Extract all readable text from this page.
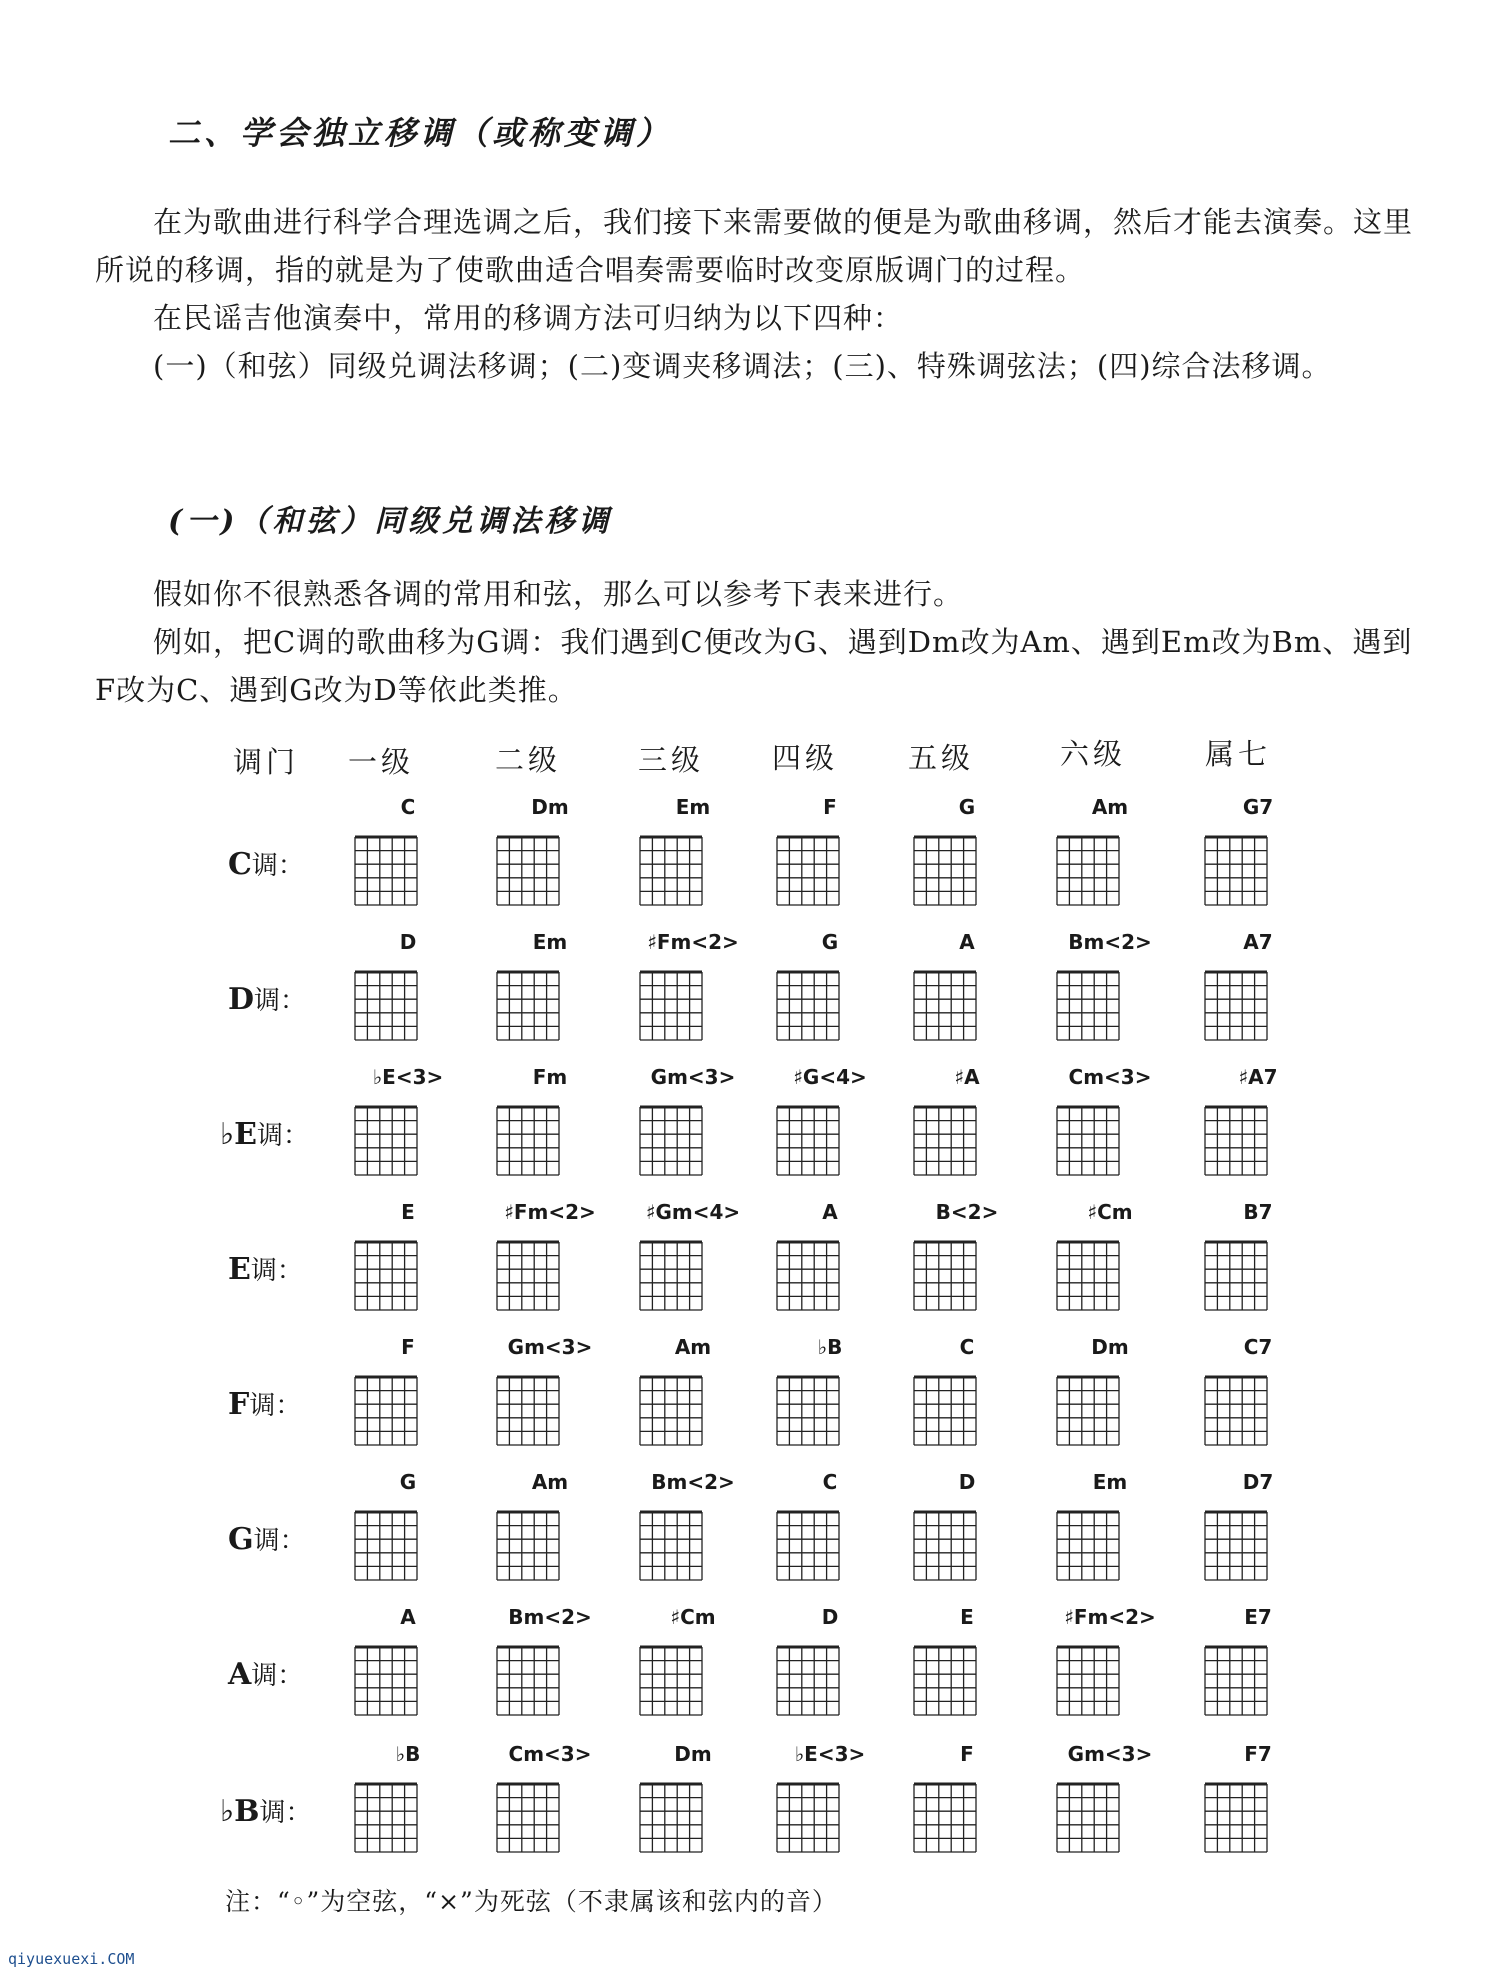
二、学会独立移调（或称变调）

在为歌曲进行科学合理选调之后，我们接下来需要做的便是为歌曲移调，然后才能去演奏。这里所说的移调，指的就是为了使歌曲适合唱奏需要临时改变原版调门的过程。

在民谣吉他演奏中，常用的移调方法可归纳为以下四种：

(一)（和弦）同级兑调法移调；(二)变调夹移调法；(三)、特殊调弦法；(四)综合法移调。

(一)（和弦）同级兑调法移调

假如你不很熟悉各调的常用和弦，那么可以参考下表来进行。

例如，把C调的歌曲移为G调：我们遇到C便改为G、遇到Dm改为Am、遇到Em改为Bm、遇到F改为C、遇到G改为D等依此类推。

调门 一级	二级	三级 四级 五级	六级	属七
C调：
C	Dm	Em	F	G	Am	G7
D调：
D	Em	♯Fm<2>	G	A	Bm<2>	A7
♭E调：
♭E<3>	Fm	Gm<3>	♯G<4>	♯A	Cm<3>	♯A7
E调：
E	♯Fm<2>	♯Gm<4>	A	B<2>	♯Cm	B7
F调：
F	Gm<3>	Am	♭B	C	Dm	C7
G调：
G	Am	Bm<2>	C	D	Em	D7
A调：
A	Bm<2>	♯Cm	D	E	♯Fm<2>	E7
♭B调：
♭B	Cm<3>	Dm	♭E<3>	F	Gm<3>	F7
注：“◦”为空弦，“×”为死弦（不隶属该和弦内的音）
qiyuexuexi.COM
